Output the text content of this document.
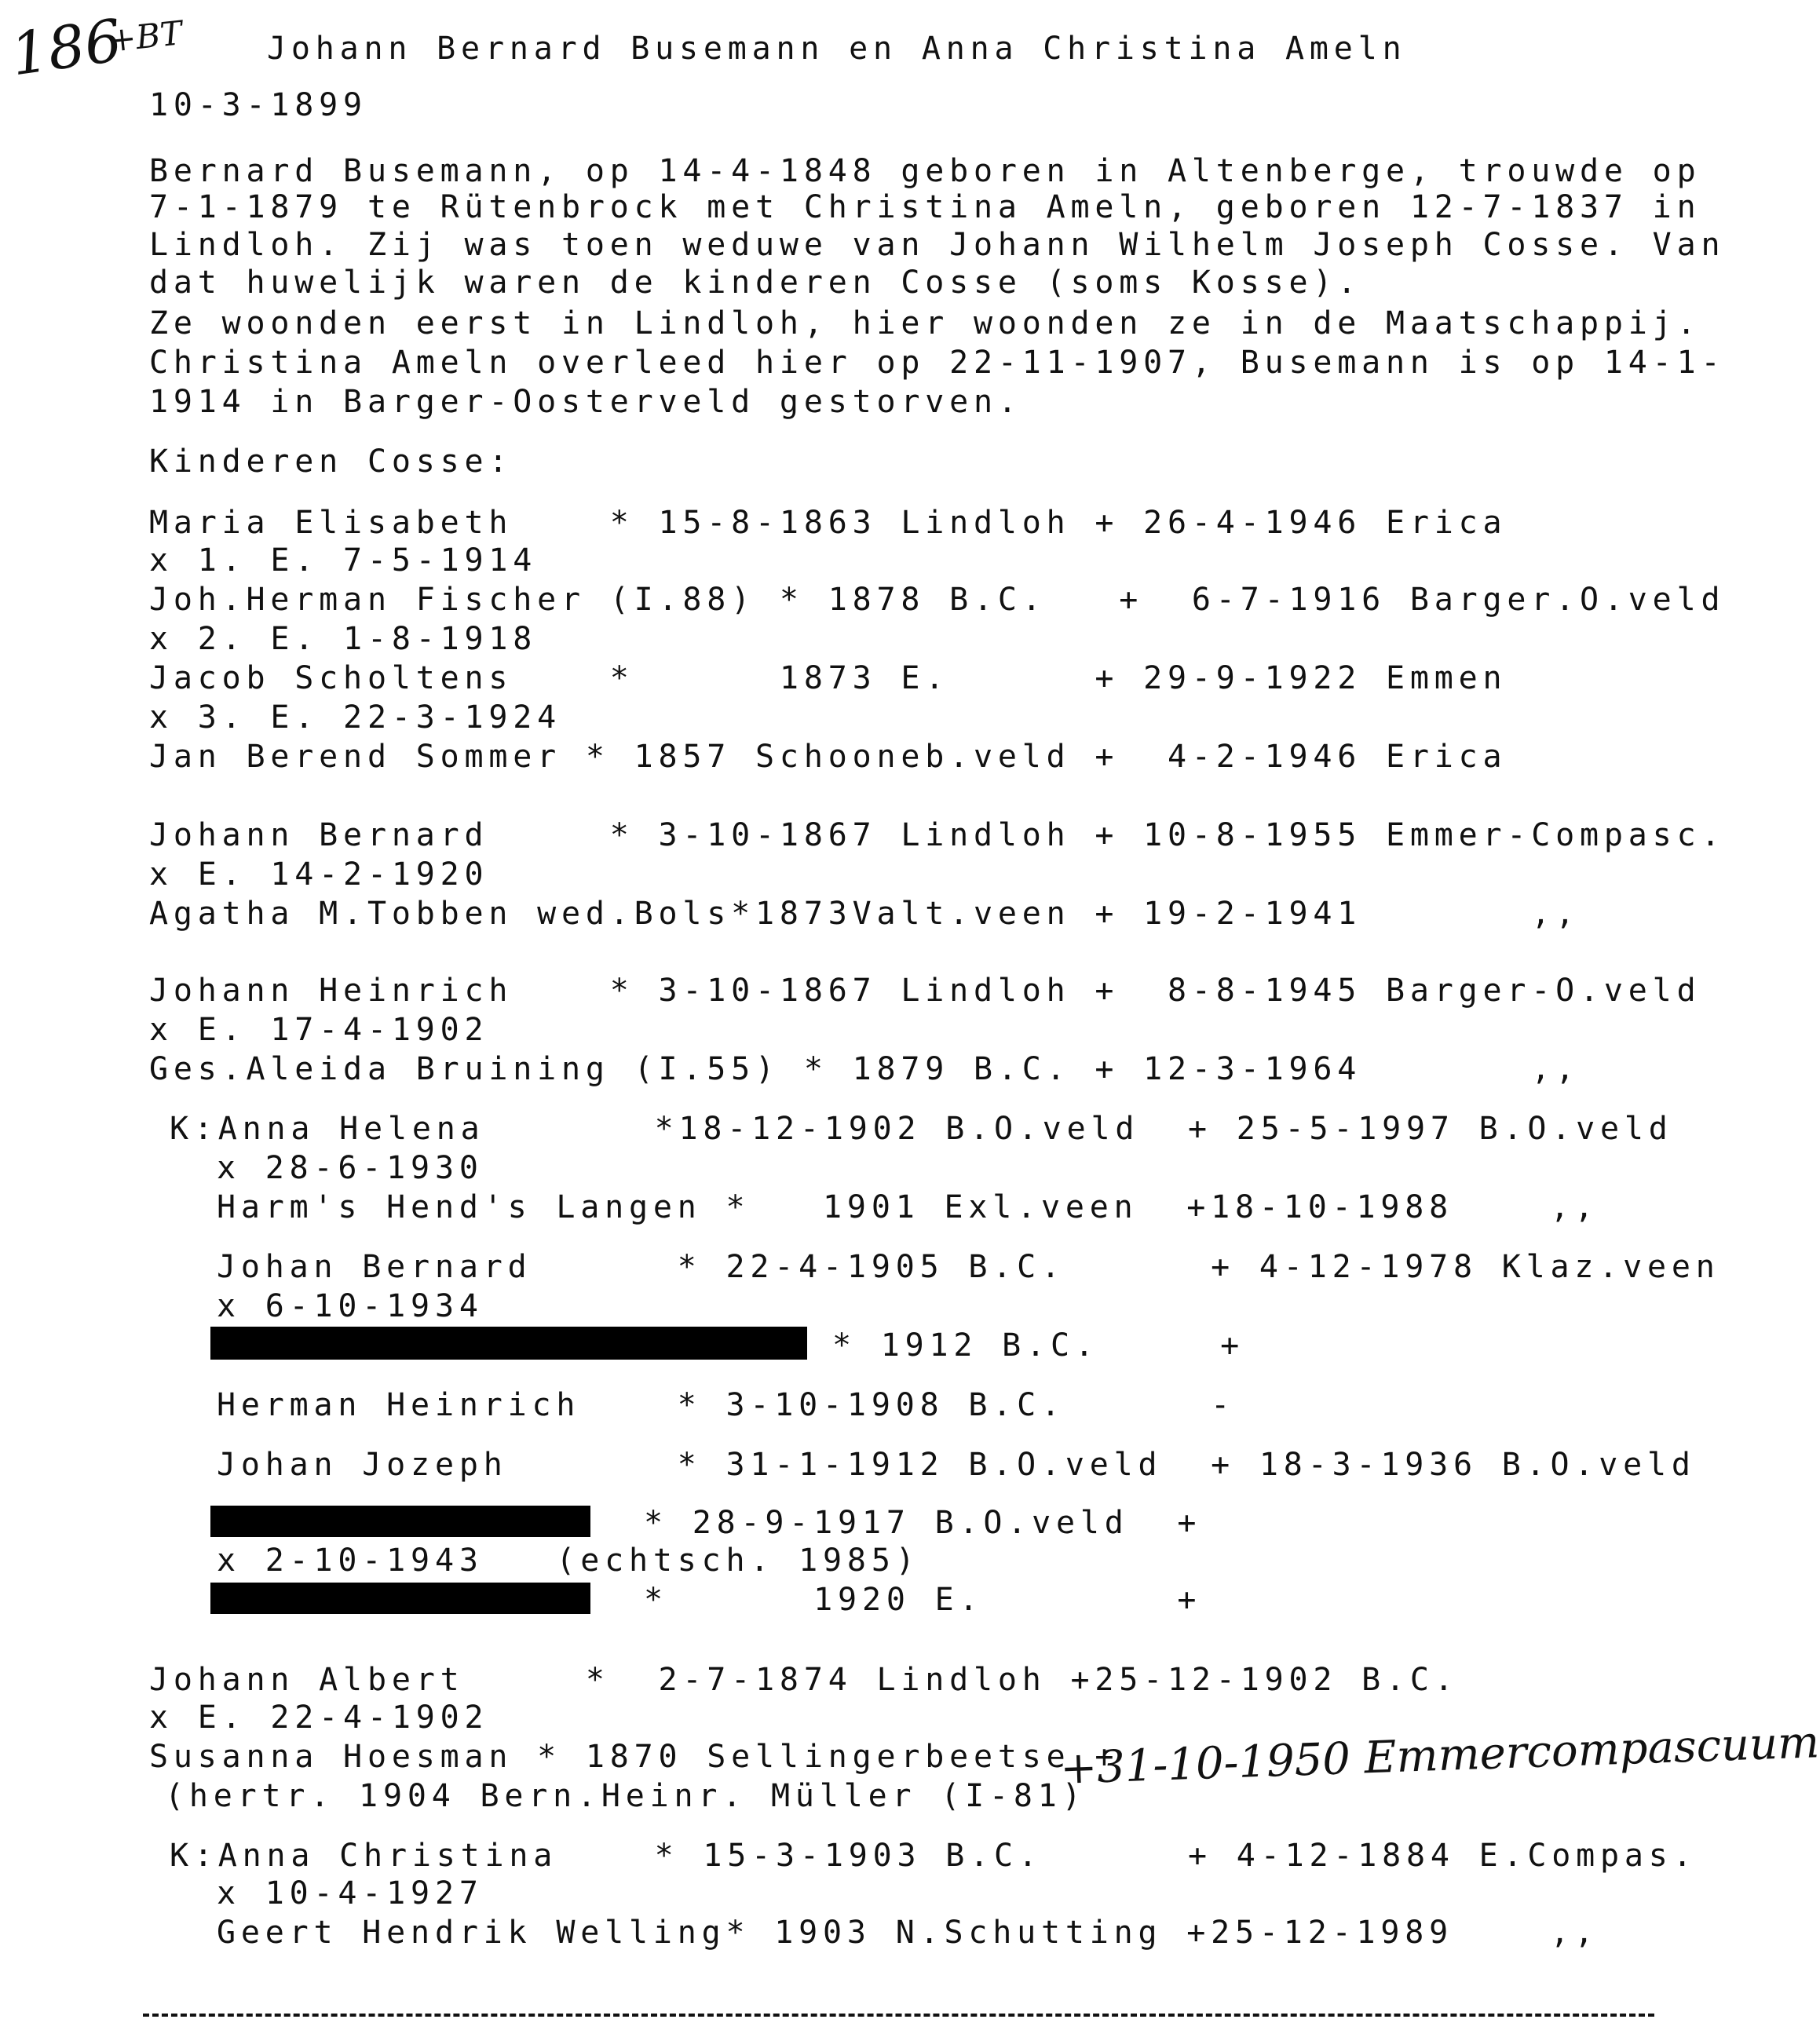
186
+BT
+31-10-1950 Emmercompascuum
Johann Bernard Busemann en Anna Christina Ameln
10-3-1899
Bernard Busemann, op 14-4-1848 geboren in Altenberge, trouwde op
7-1-1879 te Rütenbrock met Christina Ameln, geboren 12-7-1837 in
Lindloh. Zij was toen weduwe van Johann Wilhelm Joseph Cosse. Van
dat huwelijk waren de kinderen Cosse (soms Kosse).
Ze woonden eerst in Lindloh, hier woonden ze in de Maatschappij.
Christina Ameln overleed hier op 22-11-1907, Busemann is op 14-1-
1914 in Barger-Oosterveld gestorven.
Kinderen Cosse:
Maria Elisabeth    * 15-8-1863 Lindloh + 26-4-1946 Erica
x 1. E. 7-5-1914
Joh.Herman Fischer (I.88) * 1878 B.C.   +  6-7-1916 Barger.O.veld
x 2. E. 1-8-1918
Jacob Scholtens    *      1873 E.      + 29-9-1922 Emmen
x 3. E. 22-3-1924
Jan Berend Sommer * 1857 Schooneb.veld +  4-2-1946 Erica
Johann Bernard     * 3-10-1867 Lindloh + 10-8-1955 Emmer-Compasc.
x E. 14-2-1920
Agatha M.Tobben wed.Bols*1873Valt.veen + 19-2-1941       ,,
Johann Heinrich    * 3-10-1867 Lindloh +  8-8-1945 Barger-O.veld
x E. 17-4-1902
Ges.Aleida Bruining (I.55) * 1879 B.C. + 12-3-1964       ,,
K:Anna Helena       *18-12-1902 B.O.veld  + 25-5-1997 B.O.veld
x 28-6-1930
Harm's Hend's Langen *   1901 Exl.veen  +18-10-1988    ,,
Johan Bernard      * 22-4-1905 B.C.      + 4-12-1978 Klaz.veen
x 6-10-1934
* 1912 B.C.     +
Herman Heinrich    * 3-10-1908 B.C.      -
Johan Jozeph       * 31-1-1912 B.O.veld  + 18-3-1936 B.O.veld
* 28-9-1917 B.O.veld  +
x 2-10-1943   (echtsch. 1985)
*      1920 E.        +
Johann Albert     *  2-7-1874 Lindloh +25-12-1902 B.C.
x E. 22-4-1902
Susanna Hoesman * 1870 Sellingerbeetse +
(hertr. 1904 Bern.Heinr. Müller (I-81)
K:Anna Christina    * 15-3-1903 B.C.      + 4-12-1884 E.Compas.
x 10-4-1927
Geert Hendrik Welling* 1903 N.Schutting +25-12-1989    ,,
